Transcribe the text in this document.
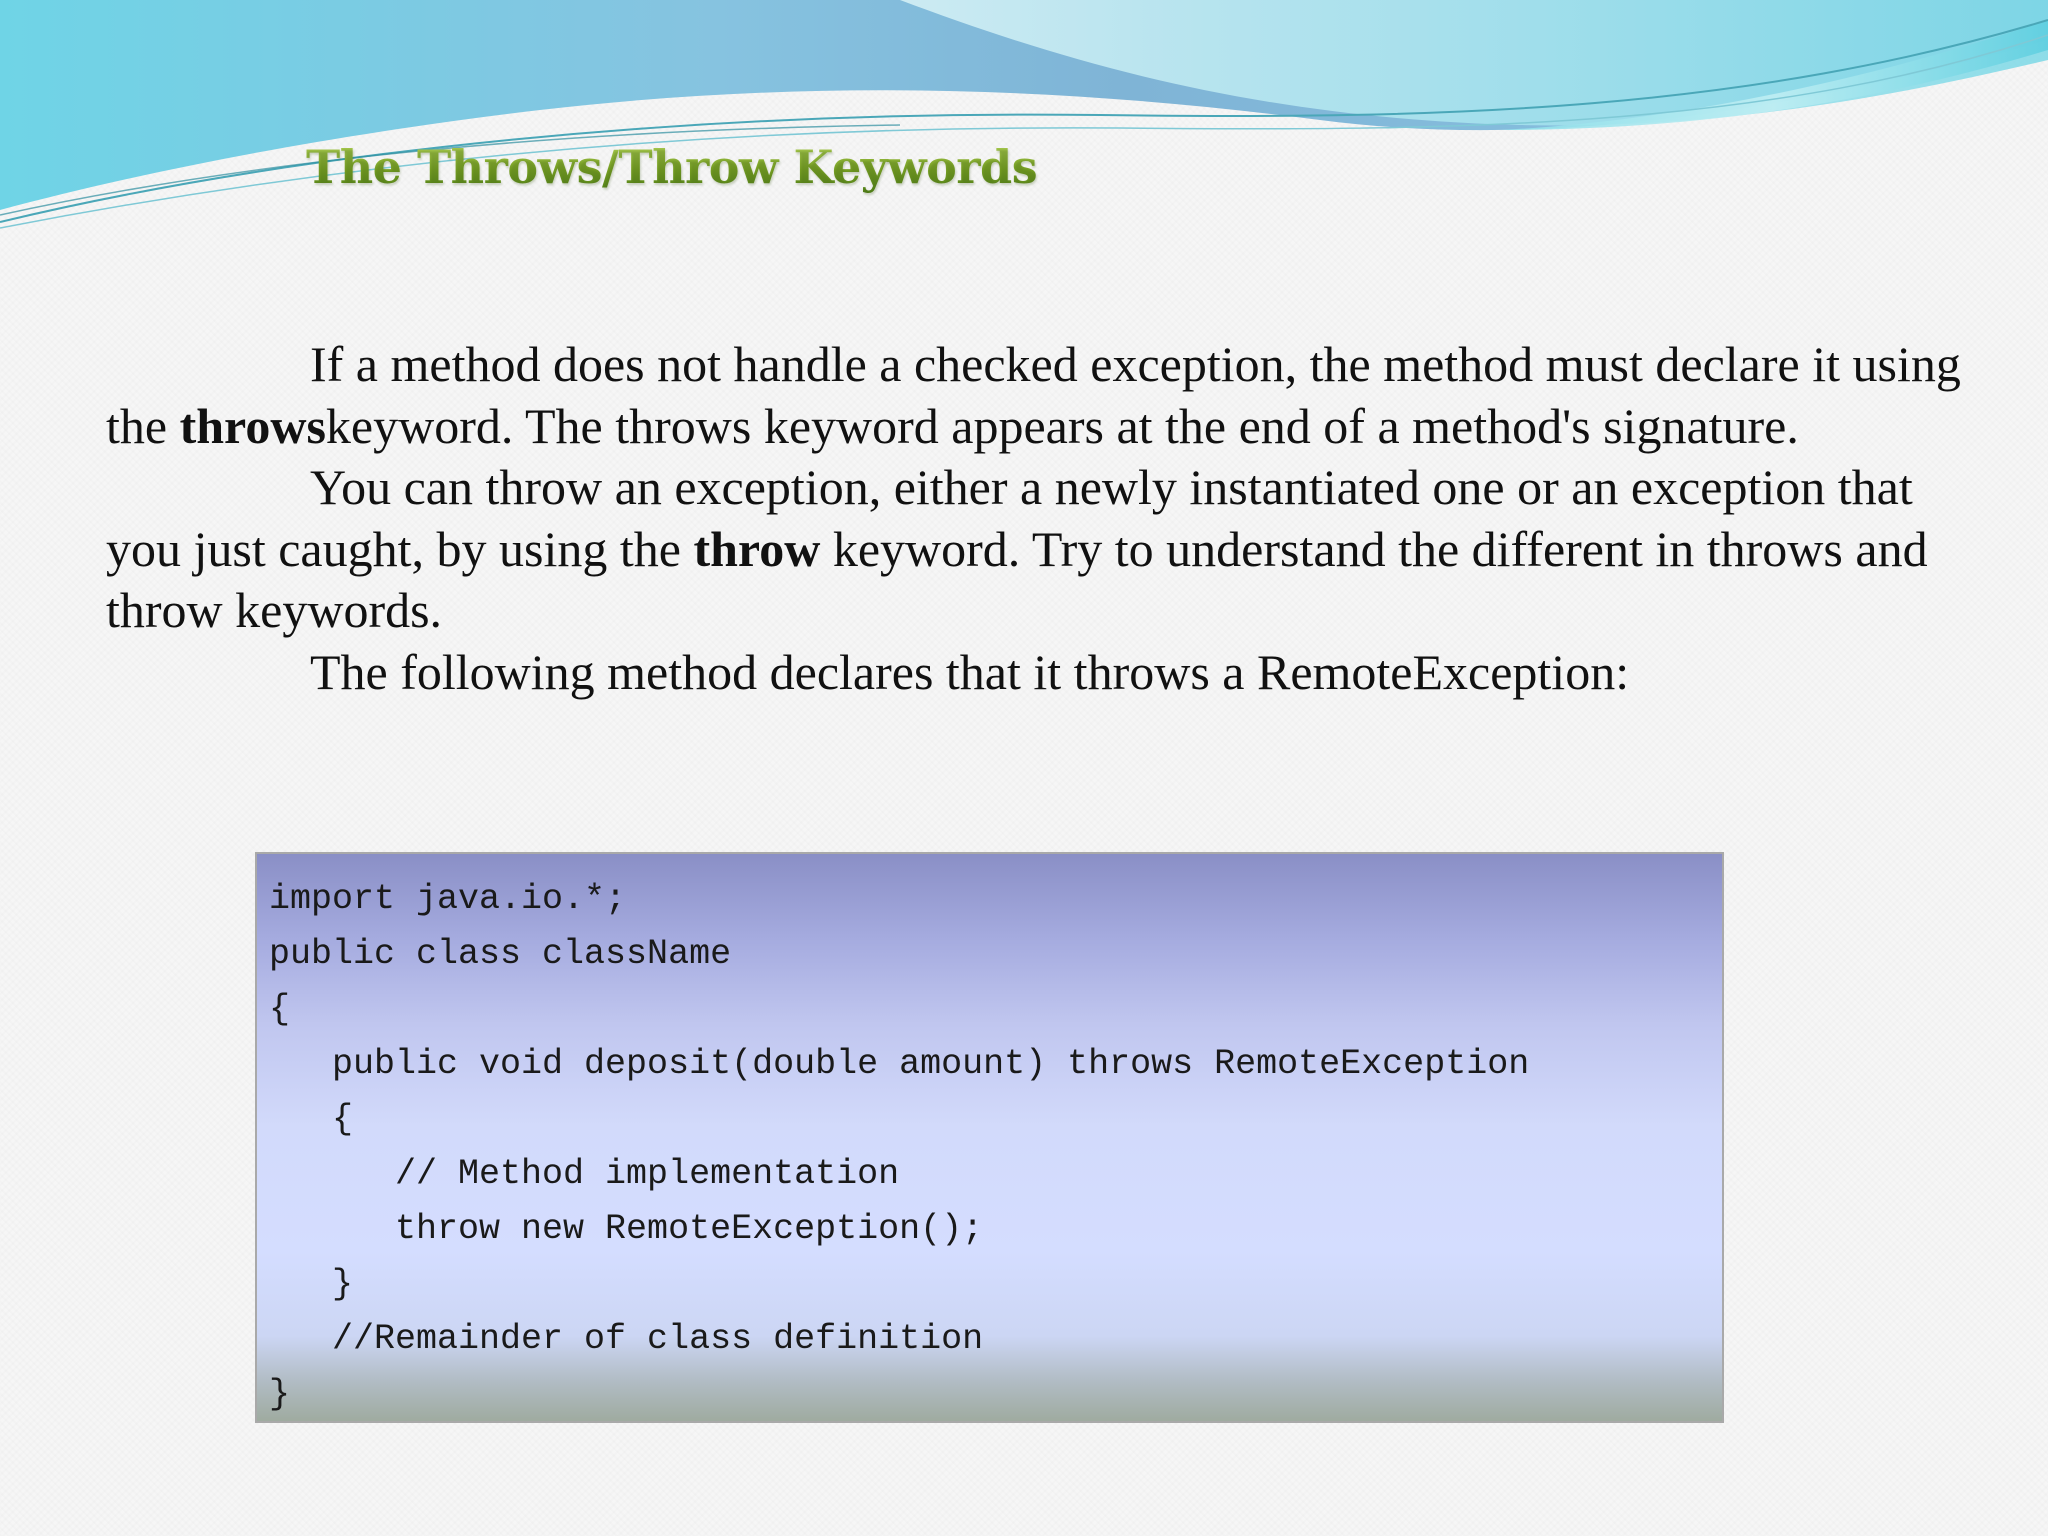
The Throws/Throw Keywords

If a method does not handle a checked exception, the method must declare it using the throwskeyword. The throws keyword appears at the end of a method's signature.

You can throw an exception, either a newly instantiated one or an exception that you just caught, by using the throw keyword. Try to understand the different in throws and throw keywords.

The following method declares that it throws a RemoteException:

import java.io.*;
public class className
{
public void deposit(double amount) throws RemoteException
{
// Method implementation
throw new RemoteException();
}
//Remainder of class definition
}
